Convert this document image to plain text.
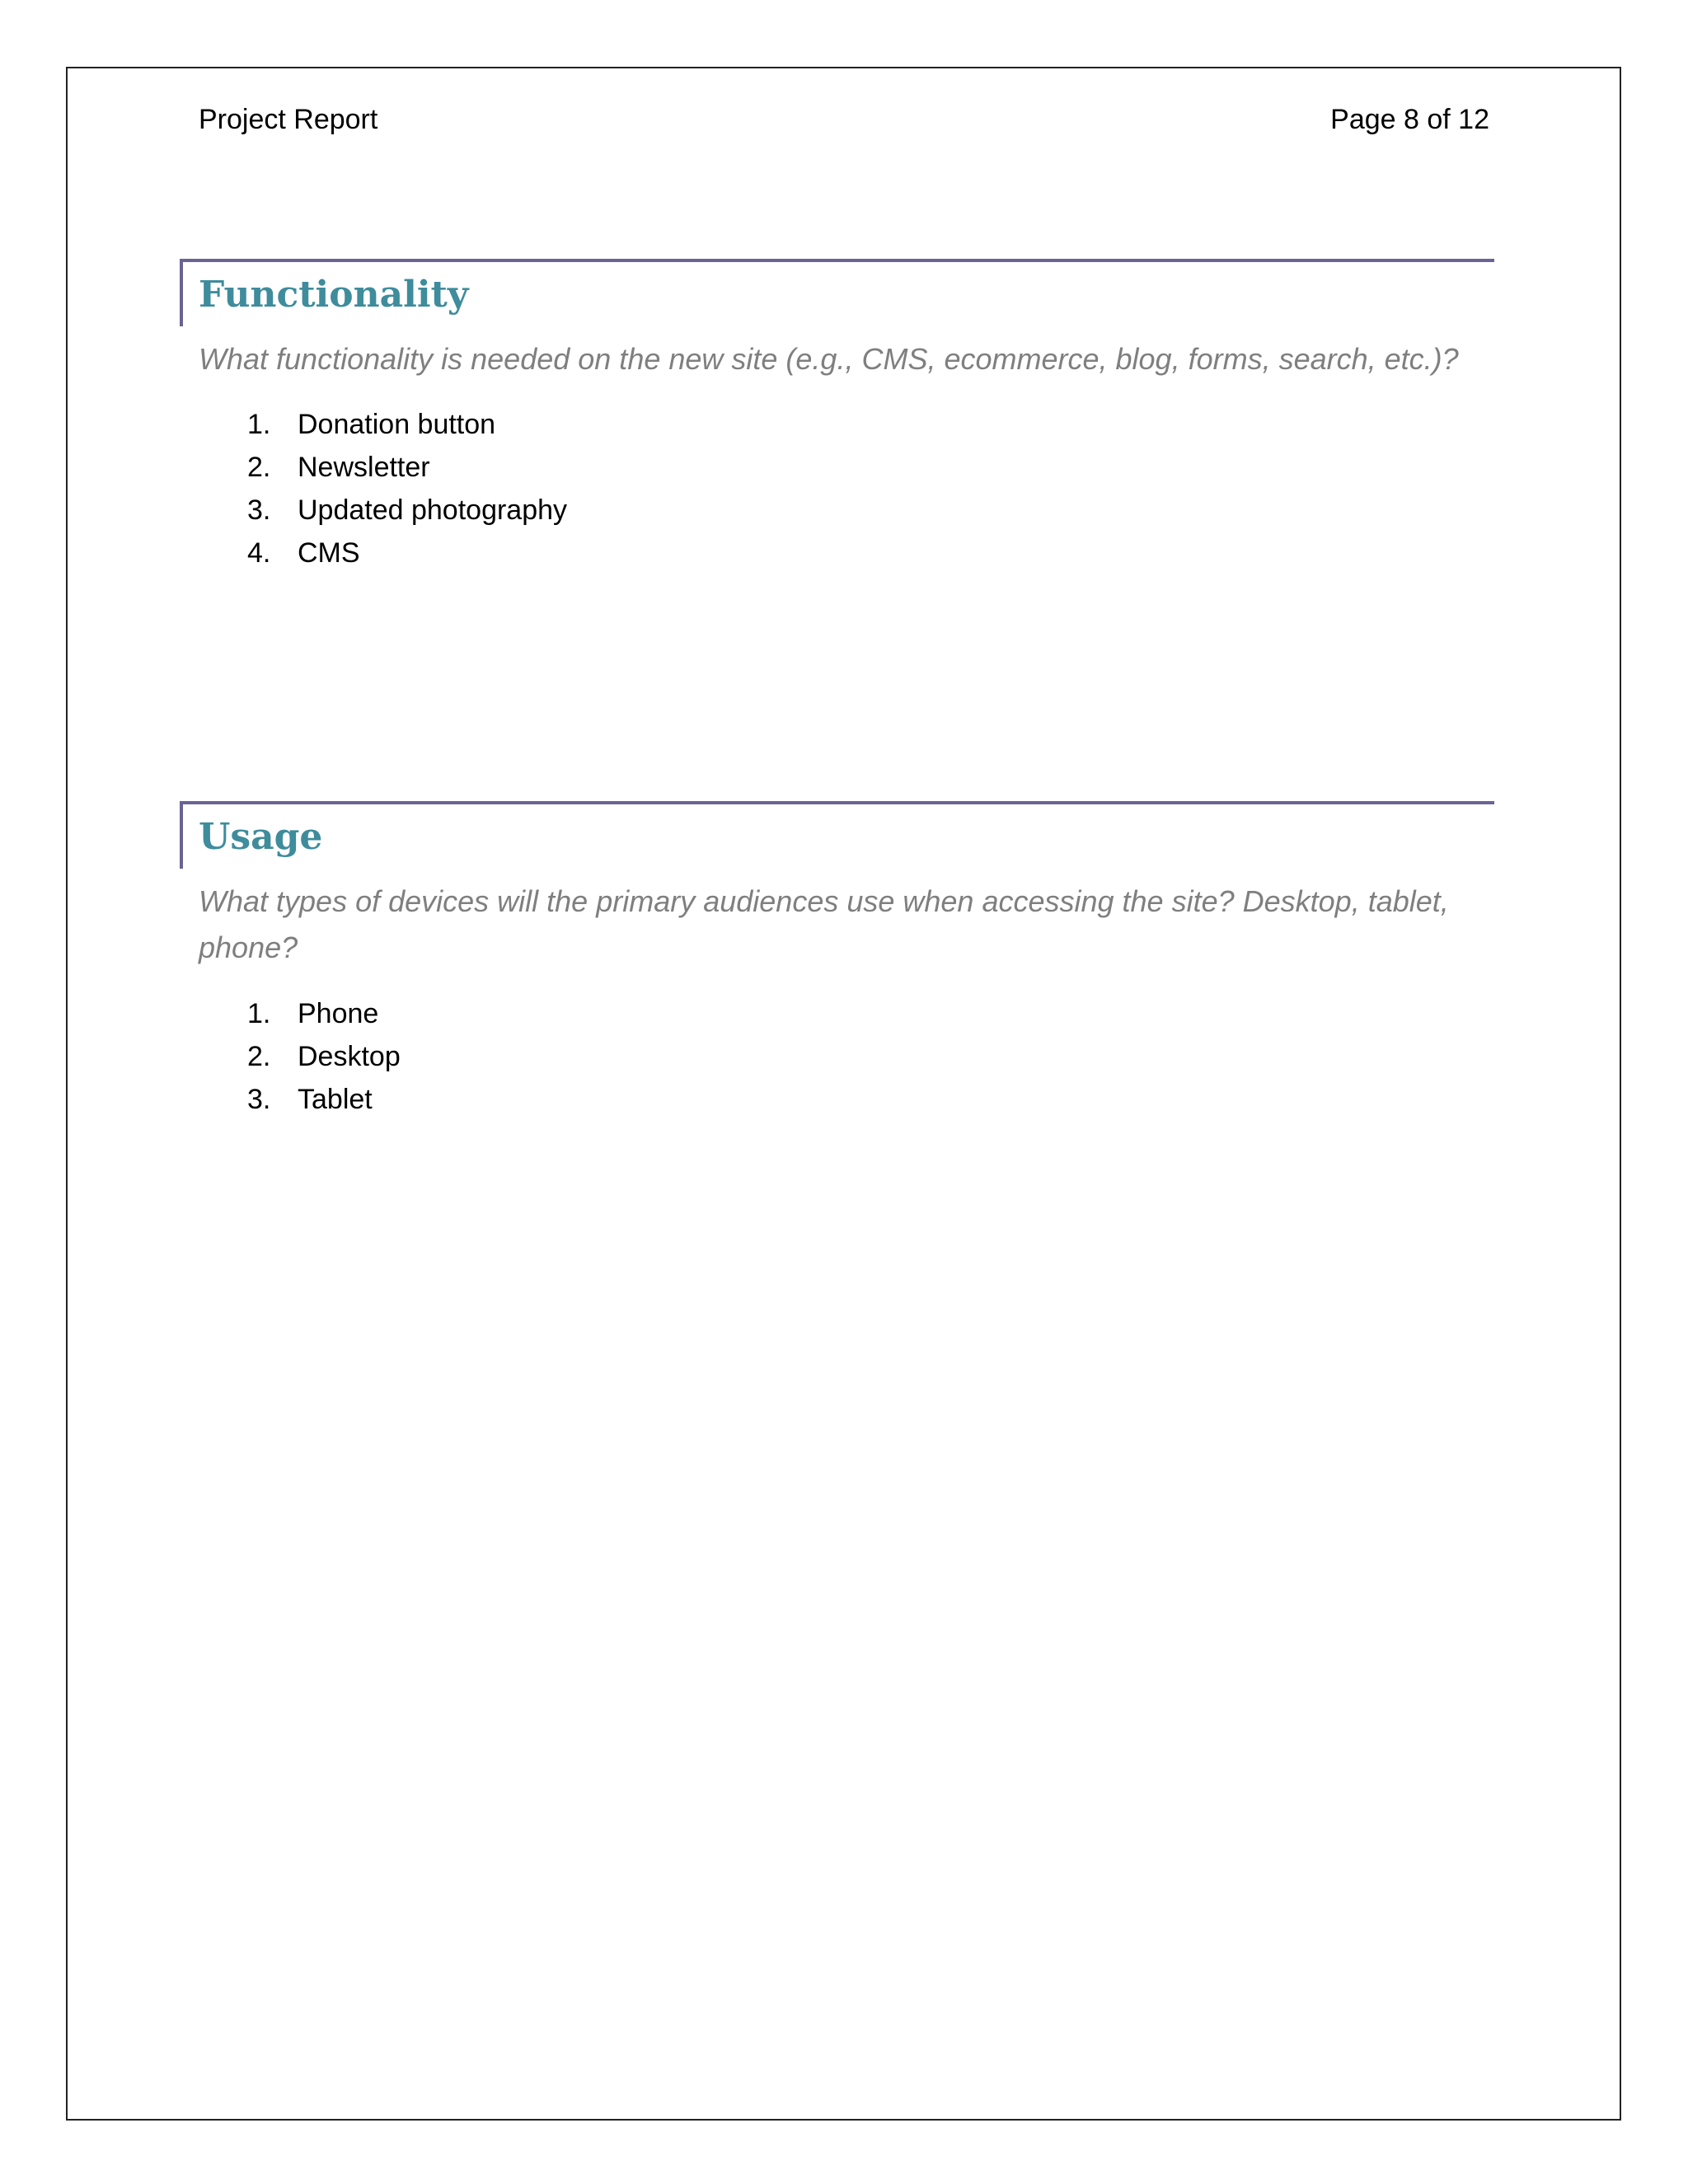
Project Report	Page 8 of 12
Functionality

What functionality is needed on the new site (e.g., CMS, ecommerce, blog, forms, search, etc.)?

1. Donation button
2. Newsletter
3. Updated photography
4. CMS
Usage

What types of devices will the primary audiences use when accessing the site? Desktop, tablet, phone?

1. Phone
2. Desktop
3. Tablet
